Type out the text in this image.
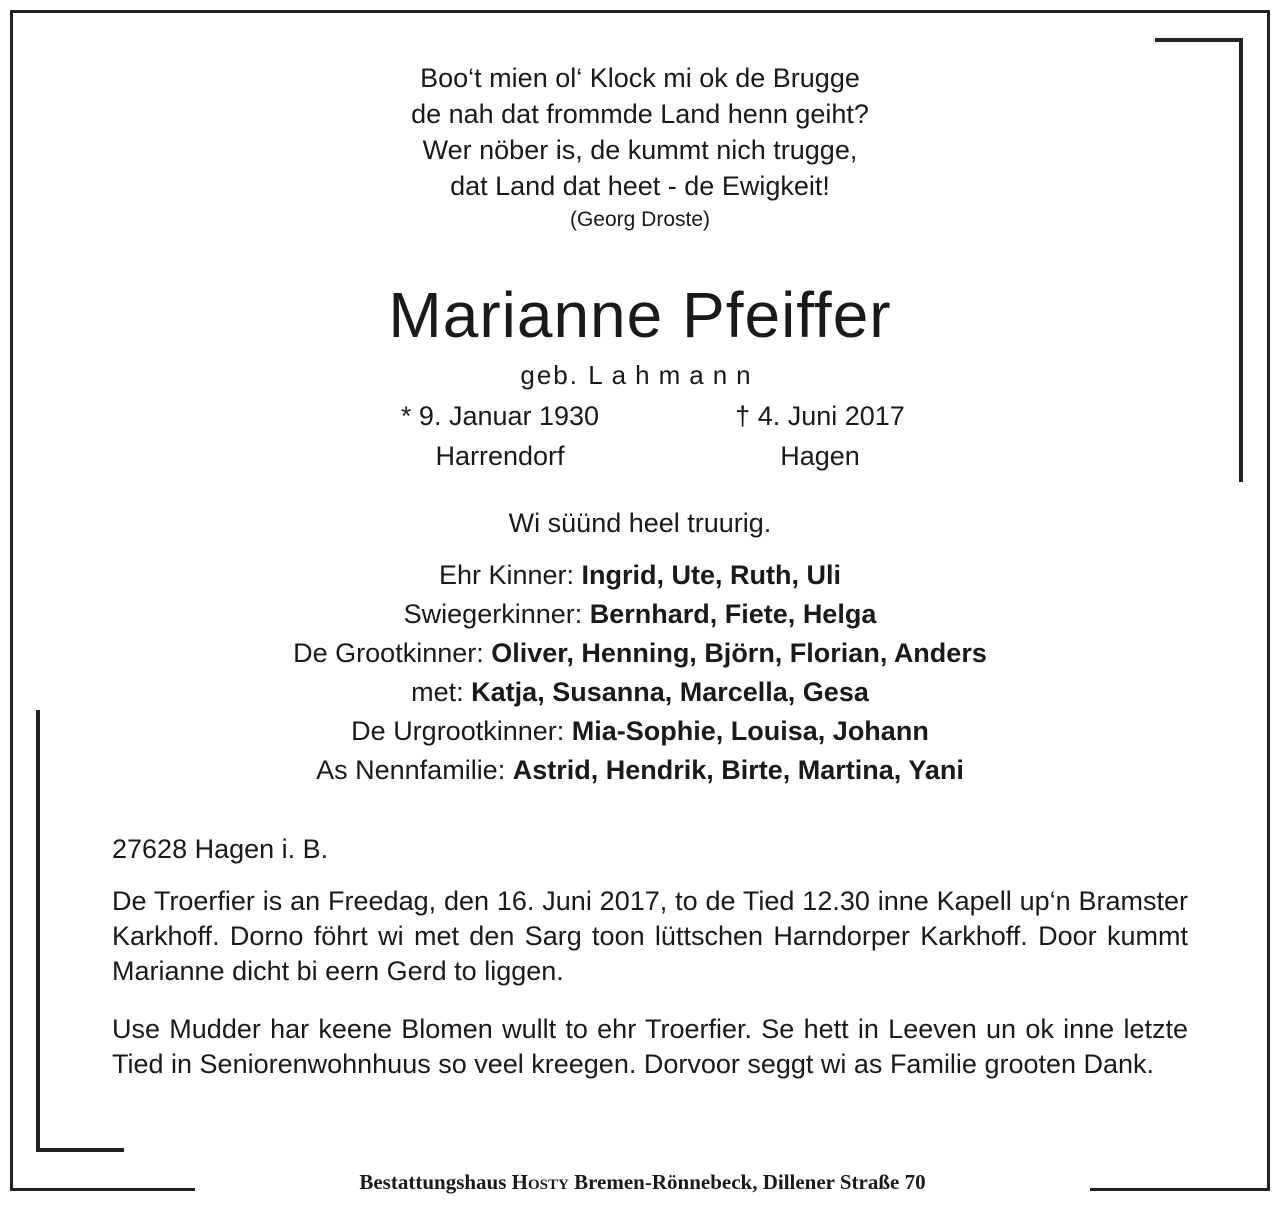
Boo‘t mien ol‘ Klock mi ok de Brugge
de nah dat frommde Land henn geiht?
Wer nöber is, de kummt nich trugge,
dat Land dat heet - de Ewigkeit!
(Georg Droste)
Marianne Pfeiffer
geb. Lahmann
* 9. Januar 1930
Harrendorf
† 4. Juni 2017
Hagen
Wi süünd heel truurig.
Ehr Kinner: Ingrid, Ute, Ruth, Uli
Swiegerkinner: Bernhard, Fiete, Helga
De Grootkinner: Oliver, Henning, Björn, Florian, Anders
met: Katja, Susanna, Marcella, Gesa
De Urgrootkinner: Mia-Sophie, Louisa, Johann
As Nennfamilie: Astrid, Hendrik, Birte, Martina, Yani
27628 Hagen i. B.
De Troerfier is an Freedag, den 16. Juni 2017, to de Tied 12.30 inne Kapell up‘n Bramster Karkhoff. Dorno föhrt wi met den Sarg toon lüttschen Harndorper Karkhoff. Door kummt Marianne dicht bi eern Gerd to liggen.
Use Mudder har keene Blomen wullt to ehr Troerfier. Se hett in Leeven un ok inne letzte Tied in Seniorenwohnhuus so veel kreegen. Dorvoor seggt wi as Familie grooten Dank.
Bestattungshaus Hosty Bremen-Rönnebeck, Dillener Straße 70
